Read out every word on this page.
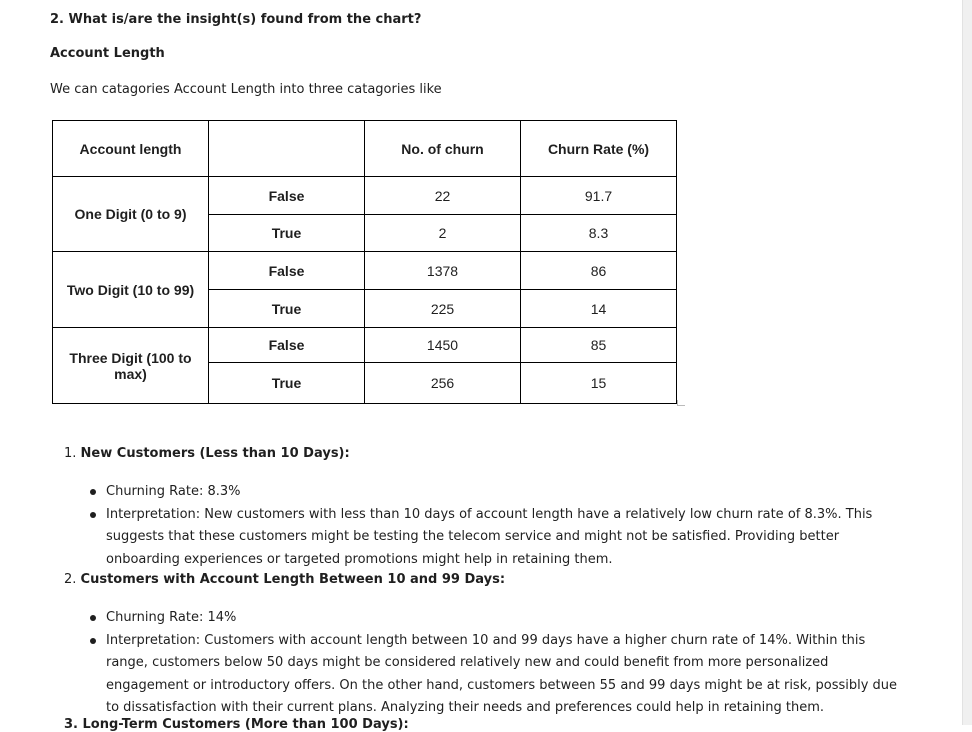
2. What is/are the insight(s) found from the chart?
Account Length
We can catagories Account Length into three catagories like
Account length		No. of churn	Churn Rate (%)
One Digit (0 to 9)	False	22	91.7
	True	2	8.3
Two Digit (10 to 99)	False	1378	86
	True	225	14
Three Digit (100 to max)	False	1450	85
	True	256	15
1. New Customers (Less than 10 Days):
Churning Rate: 8.3%
Interpretation: New customers with less than 10 days of account length have a relatively low churn rate of 8.3%. This suggests that these customers might be testing the telecom service and might not be satisfied. Providing better onboarding experiences or targeted promotions might help in retaining them.
2. Customers with Account Length Between 10 and 99 Days:
Churning Rate: 14%
Interpretation: Customers with account length between 10 and 99 days have a higher churn rate of 14%. Within this range, customers below 50 days might be considered relatively new and could benefit from more personalized engagement or introductory offers. On the other hand, customers between 55 and 99 days might be at risk, possibly due to dissatisfaction with their current plans. Analyzing their needs and preferences could help in retaining them.
3. Long-Term Customers (More than 100 Days):
